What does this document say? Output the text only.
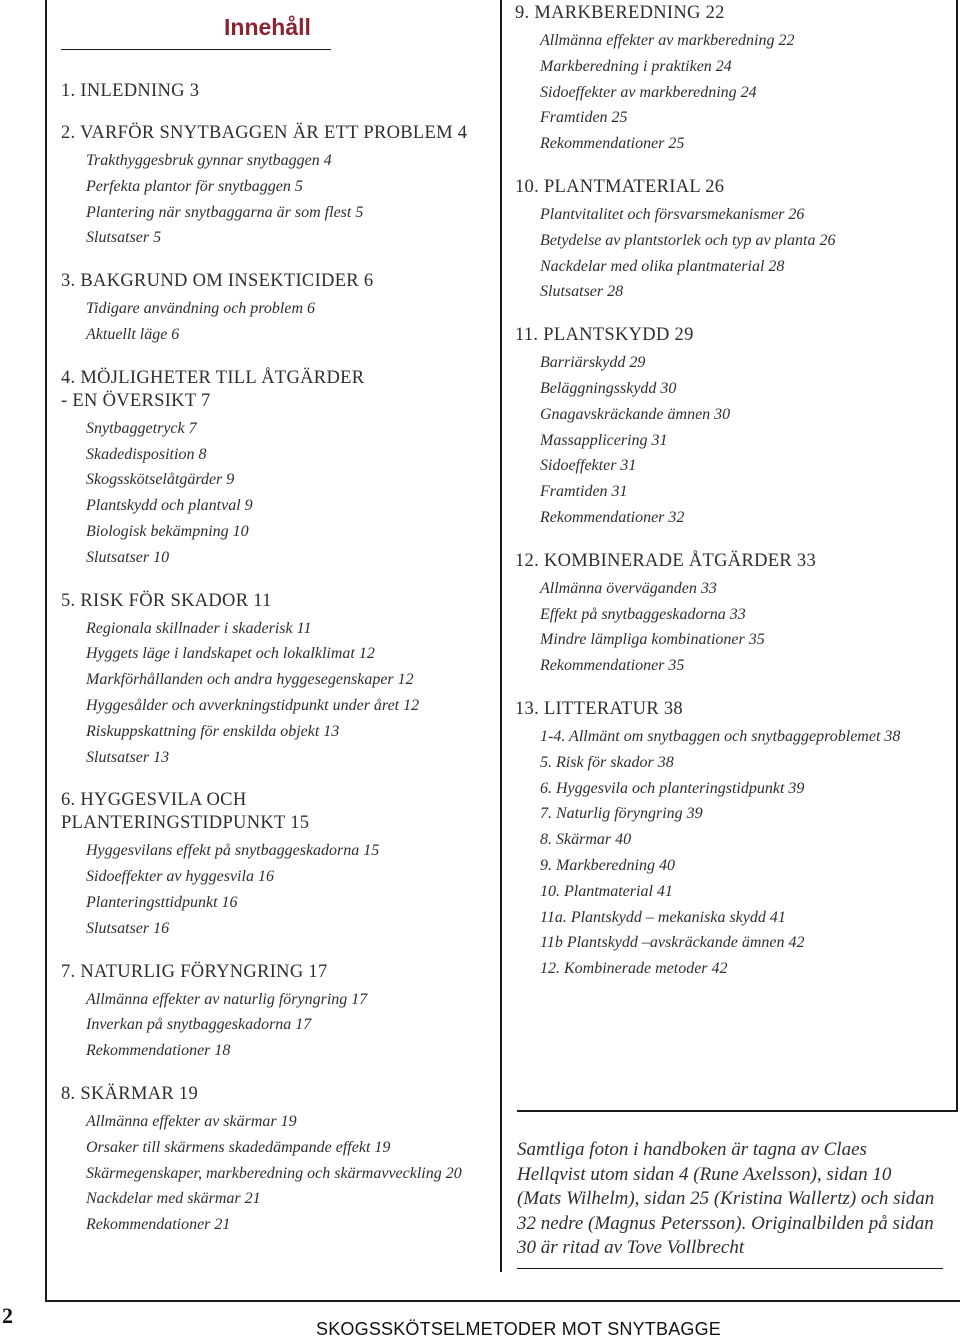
Innehåll
1. INLEDNING 3
2. VARFÖR SNYTBAGGEN ÄR ETT PROBLEM 4
Trakthyggesbruk gynnar snytbaggen 4
Perfekta plantor för snytbaggen 5
Plantering när snytbaggarna är som flest 5
Slutsatser 5
3. BAKGRUND OM INSEKTICIDER 6
Tidigare användning och problem 6
Aktuellt läge 6
4. MÖJLIGHETER TILL ÅTGÄRDER
- EN ÖVERSIKT 7
Snytbaggetryck 7
Skadedisposition 8
Skogsskötselåtgärder 9
Plantskydd och plantval 9
Biologisk bekämpning 10
Slutsatser 10
5. RISK FÖR SKADOR 11
Regionala skillnader i skaderisk 11
Hyggets läge i landskapet och lokalklimat 12
Markförhållanden och andra hyggesegenskaper 12
Hyggesålder och avverkningstidpunkt under året 12
Riskuppskattning för enskilda objekt 13
Slutsatser 13
6. HYGGESVILA OCH
PLANTERINGSTIDPUNKT 15
Hyggesvilans effekt på snytbaggeskadorna 15
Sidoeffekter av hyggesvila 16
Planteringsttidpunkt 16
Slutsatser 16
7. NATURLIG FÖRYNGRING 17
Allmänna effekter av naturlig föryngring 17
Inverkan på snytbaggeskadorna 17
Rekommendationer 18
8. SKÄRMAR 19
Allmänna effekter av skärmar 19
Orsaker till skärmens skadedämpande effekt 19
Skärmegenskaper, markberedning och skärmavveckling 20
Nackdelar med skärmar 21
Rekommendationer 21
9. MARKBEREDNING 22
Allmänna effekter av markberedning 22
Markberedning i praktiken 24
Sidoeffekter av markberedning 24
Framtiden 25
Rekommendationer 25
10. PLANTMATERIAL 26
Plantvitalitet och försvarsmekanismer 26
Betydelse av plantstorlek och typ av planta 26
Nackdelar med olika plantmaterial 28
Slutsatser 28
11. PLANTSKYDD 29
Barriärskydd 29
Beläggningsskydd 30
Gnagavskräckande ämnen 30
Massapplicering 31
Sidoeffekter 31
Framtiden 31
Rekommendationer 32
12. KOMBINERADE ÅTGÄRDER 33
Allmänna överväganden 33
Effekt på snytbaggeskadorna 33
Mindre lämpliga kombinationer 35
Rekommendationer 35
13. LITTERATUR 38
1-4. Allmänt om snytbaggen och snytbaggeproblemet 38
5. Risk för skador 38
6. Hyggesvila och planteringstidpunkt 39
7. Naturlig föryngring 39
8. Skärmar 40
9. Markberedning 40
10. Plantmaterial 41
11a. Plantskydd – mekaniska skydd 41
11b Plantskydd –avskräckande ämnen 42
12. Kombinerade metoder 42

Samtliga foton i handboken är tagna av Claes Hellqvist utom sidan 4 (Rune Axelsson), sidan 10 (Mats Wilhelm), sidan 25 (Kristina Wallertz) och sidan 32 nedre (Magnus Petersson). Originalbilden på sidan 30 är ritad av Tove Vollbrecht

2

SKOGSSKÖTSELMETODER MOT SNYTBAGGE
